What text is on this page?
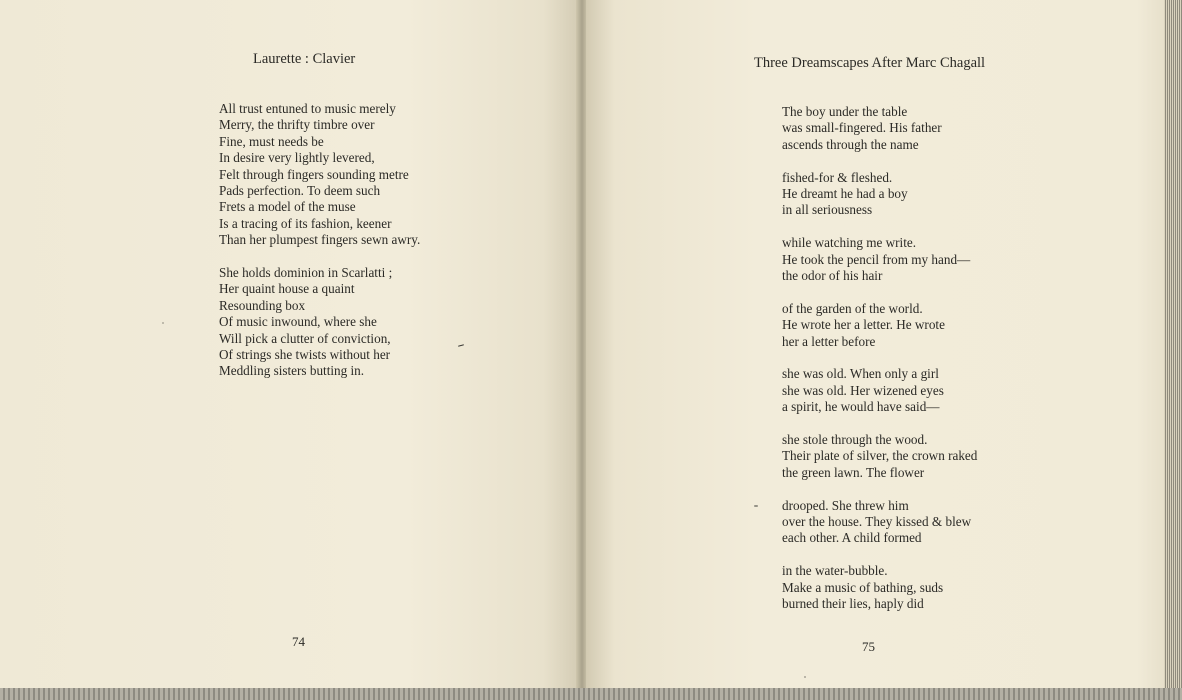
Laurette : Clavier
All trust entuned to music merely
Merry, the thrifty timbre over
Fine, must needs be
In desire very lightly levered,
Felt through fingers sounding metre
Pads perfection. To deem such
Frets a model of the muse
Is a tracing of its fashion, keener
Than her plumpest fingers sewn awry.
She holds dominion in Scarlatti ;
Her quaint house a quaint
Resounding box
Of music inwound, where she
Will pick a clutter of conviction,
Of strings she twists without her
Meddling sisters butting in.
74
Three Dreamscapes After Marc Chagall
The boy under the table
was small-fingered. His father
ascends through the name
fished-for & fleshed.
He dreamt he had a boy
in all seriousness
while watching me write.
He took the pencil from my hand—
the odor of his hair
of the garden of the world.
He wrote her a letter. He wrote
her a letter before
she was old. When only a girl
she was old. Her wizened eyes
a spirit, he would have said—
she stole through the wood.
Their plate of silver, the crown raked
the green lawn. The flower
drooped. She threw him
over the house. They kissed & blew
each other. A child formed
in the water-bubble.
Make a music of bathing, suds
burned their lies, haply did
75
